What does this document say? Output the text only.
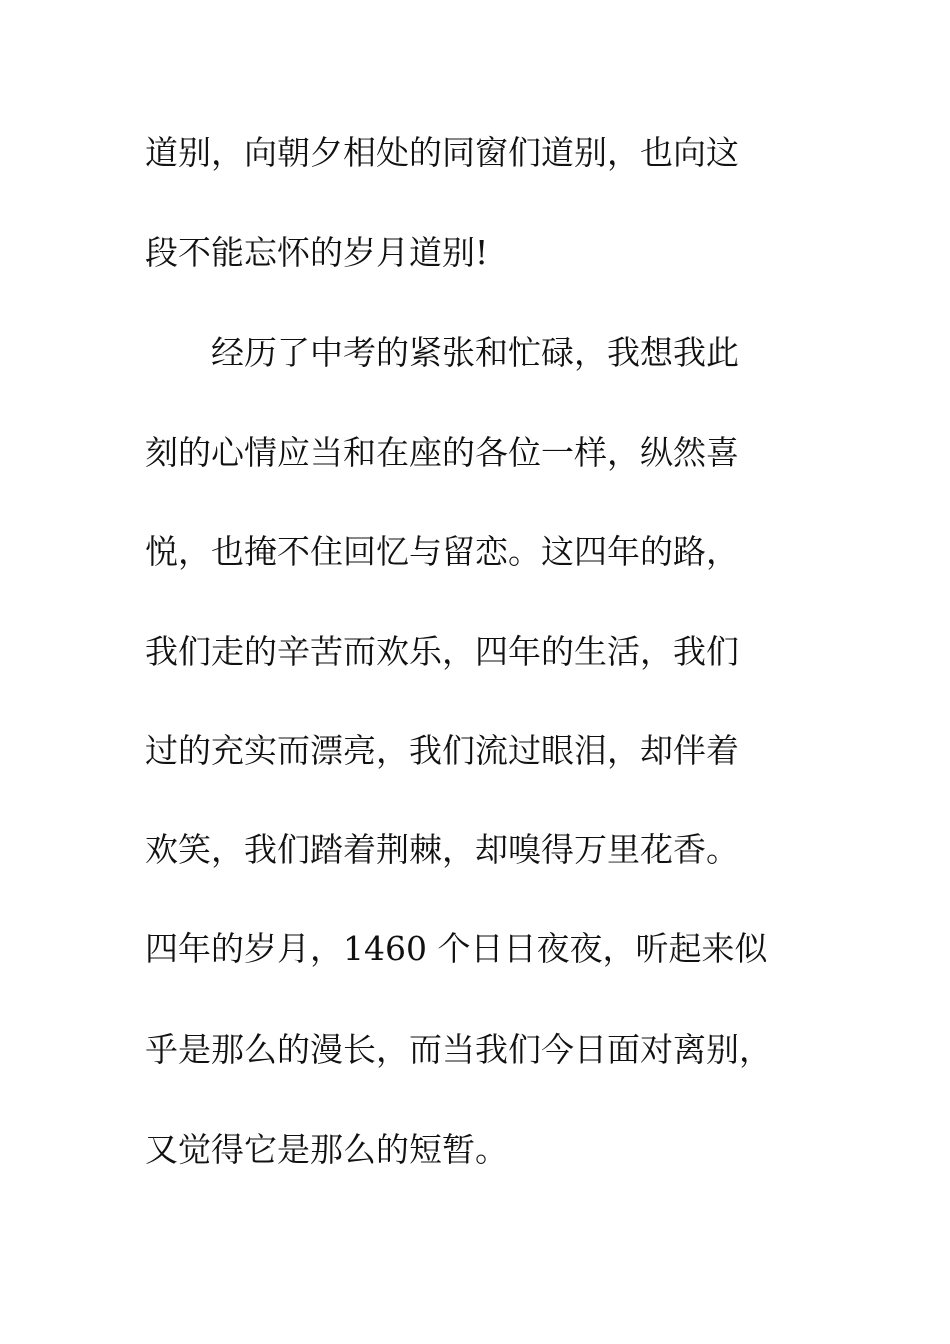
道别，向朝夕相处的同窗们道别，也向这
段不能忘怀的岁月道别!
　　经历了中考的紧张和忙碌，我想我此
刻的心情应当和在座的各位一样，纵然喜
悦，也掩不住回忆与留恋。这四年的路，
我们走的辛苦而欢乐，四年的生活，我们
过的充实而漂亮，我们流过眼泪，却伴着
欢笑，我们踏着荆棘，却嗅得万里花香。
四年的岁月，1460 个日日夜夜，听起来似
乎是那么的漫长，而当我们今日面对离别，
又觉得它是那么的短暂。
